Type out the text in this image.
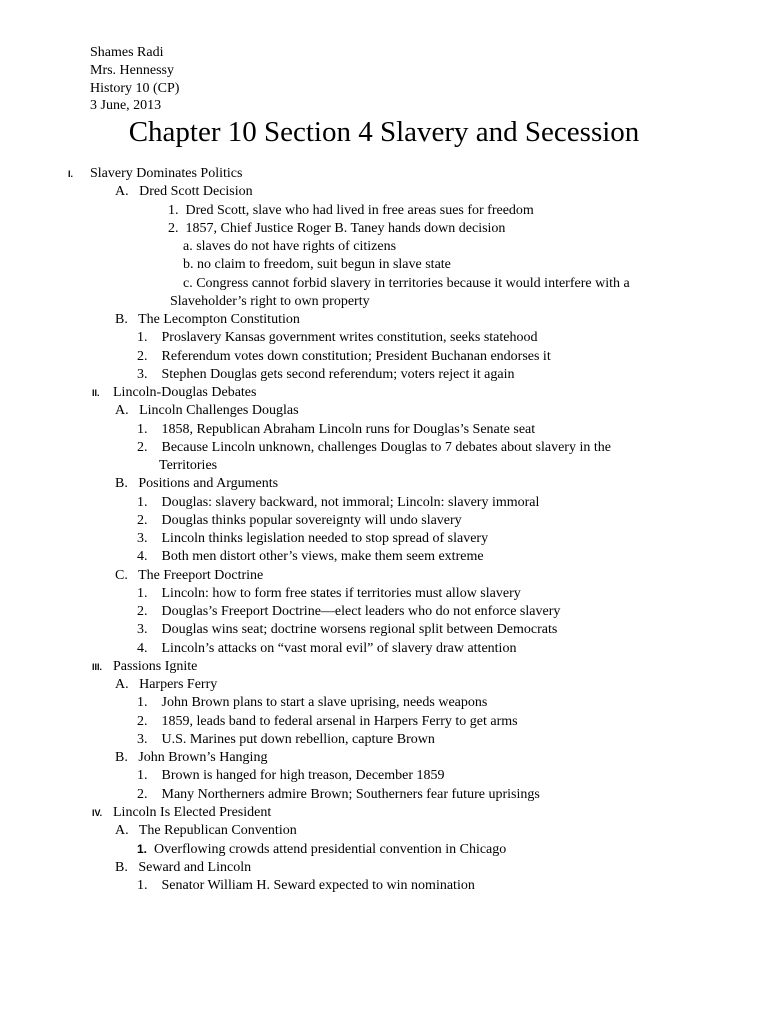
Shames Radi
Mrs. Hennessy
History 10 (CP)
3 June, 2013
Chapter 10 Section 4 Slavery and Secession
I. Slavery Dominates Politics
A.   Dred Scott Decision
1.  Dred Scott, slave who had lived in free areas sues for freedom
2.  1857, Chief Justice Roger B. Taney hands down decision
a. slaves do not have rights of citizens
b. no claim to freedom, suit begun in slave state
c. Congress cannot forbid slavery in territories because it would interfere with a
Slaveholder’s right to own property
B.   The Lecompton Constitution
1.    Proslavery Kansas government writes constitution, seeks statehood
2.    Referendum votes down constitution; President Buchanan endorses it
3.    Stephen Douglas gets second referendum; voters reject it again
II. Lincoln-Douglas Debates
A.   Lincoln Challenges Douglas
1.    1858, Republican Abraham Lincoln runs for Douglas’s Senate seat
2.    Because Lincoln unknown, challenges Douglas to 7 debates about slavery in the
Territories
B.   Positions and Arguments
1.    Douglas: slavery backward, not immoral; Lincoln: slavery immoral
2.    Douglas thinks popular sovereignty will undo slavery
3.    Lincoln thinks legislation needed to stop spread of slavery
4.    Both men distort other’s views, make them seem extreme
C.   The Freeport Doctrine
1.    Lincoln: how to form free states if territories must allow slavery
2.    Douglas’s Freeport Doctrine—elect leaders who do not enforce slavery
3.    Douglas wins seat; doctrine worsens regional split between Democrats
4.    Lincoln’s attacks on “vast moral evil” of slavery draw attention
III. Passions Ignite
A.   Harpers Ferry
1.    John Brown plans to start a slave uprising, needs weapons
2.    1859, leads band to federal arsenal in Harpers Ferry to get arms
3.    U.S. Marines put down rebellion, capture Brown
B.   John Brown’s Hanging
1.    Brown is hanged for high treason, December 1859
2.    Many Northerners admire Brown; Southerners fear future uprisings
IV. Lincoln Is Elected President
A.   The Republican Convention
1.  Overflowing crowds attend presidential convention in Chicago
B.   Seward and Lincoln
1.    Senator William H. Seward expected to win nomination
